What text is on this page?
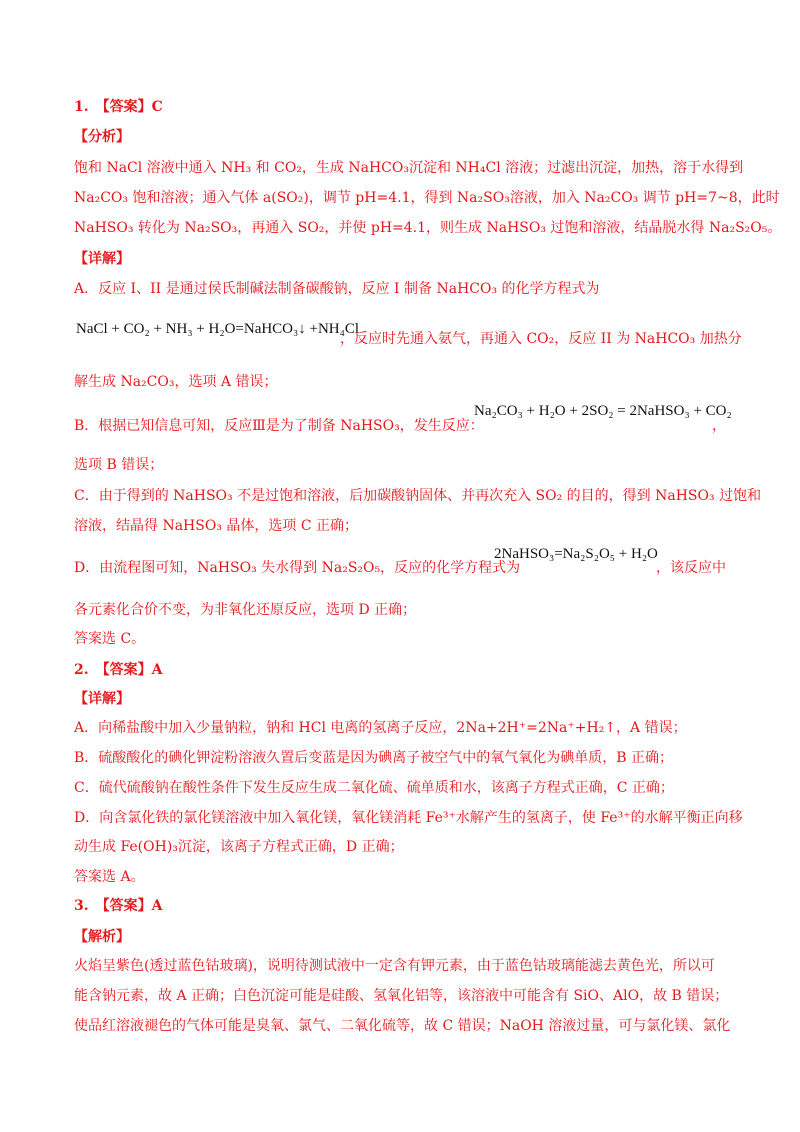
1.　【答案】C
【分析】
饱和 NaCl 溶液中通入 NH₃ 和 CO₂，生成 NaHCO₃沉淀和 NH₄Cl 溶液；过滤出沉淀，加热，溶于水得到
Na₂CO₃ 饱和溶液；通入气体 a(SO₂)，调节 pH=4.1，得到 Na₂SO₃溶液，加入 Na₂CO₃ 调节 pH=7~8，此时
NaHSO₃ 转化为 Na₂SO₃，再通入 SO₂，并使 pH=4.1，则生成 NaHSO₃ 过饱和溶液，结晶脱水得 Na₂S₂O₅。
【详解】
A．反应 I、II 是通过侯氏制碱法制备碳酸钠，反应 I 制备 NaHCO₃ 的化学方程式为
NaCl + CO₂ + NH₃ + H₂O=NaHCO₃↓ +NH₄Cl
，反应时先通入氨气，再通入 CO₂，反应 II 为 NaHCO₃ 加热分
解生成 Na₂CO₃，选项 A 错误；
B．根据已知信息可知，反应Ⅲ是为了制备 NaHSO₃，发生反应：
Na₂CO₃ + H₂O + 2SO₂ = 2NaHSO₃ + CO₂
，
选项 B 错误；
C．由于得到的 NaHSO₃ 不是过饱和溶液，后加碳酸钠固体、并再次充入 SO₂ 的目的，得到 NaHSO₃ 过饱和
溶液，结晶得 NaHSO₃ 晶体，选项 C 正确；
D．由流程图可知，NaHSO₃ 失水得到 Na₂S₂O₅，反应的化学方程式为
2NaHSO₃=Na₂S₂O₅ + H₂O
，该反应中
各元素化合价不变，为非氧化还原反应，选项 D 正确；
答案选 C。
2.　【答案】A
【详解】
A．向稀盐酸中加入少量钠粒，钠和 HCl 电离的氢离子反应，2Na+2H⁺=2Na⁺+H₂↑，A 错误；
B．硫酸酸化的碘化钾淀粉溶液久置后变蓝是因为碘离子被空气中的氧气氧化为碘单质，B 正确；
C．硫代硫酸钠在酸性条件下发生反应生成二氧化硫、硫单质和水，该离子方程式正确，C 正确；
D．向含氯化铁的氯化镁溶液中加入氧化镁，氧化镁消耗 Fe³⁺水解产生的氢离子，使 Fe³⁺的水解平衡正向移
动生成 Fe(OH)₃沉淀，该离子方程式正确，D 正确；
答案选 A。
3.　【答案】A
【解析】
火焰呈紫色(透过蓝色钴玻璃)，说明待测试液中一定含有钾元素，由于蓝色钴玻璃能滤去黄色光，所以可
能含钠元素，故 A 正确；白色沉淀可能是硅酸、氢氧化铝等，该溶液中可能含有 SiO、AlO，故 B 错误；
使品红溶液褪色的气体可能是臭氧、氯气、二氧化硫等，故 C 错误；NaOH 溶液过量，可与氯化镁、氯化
